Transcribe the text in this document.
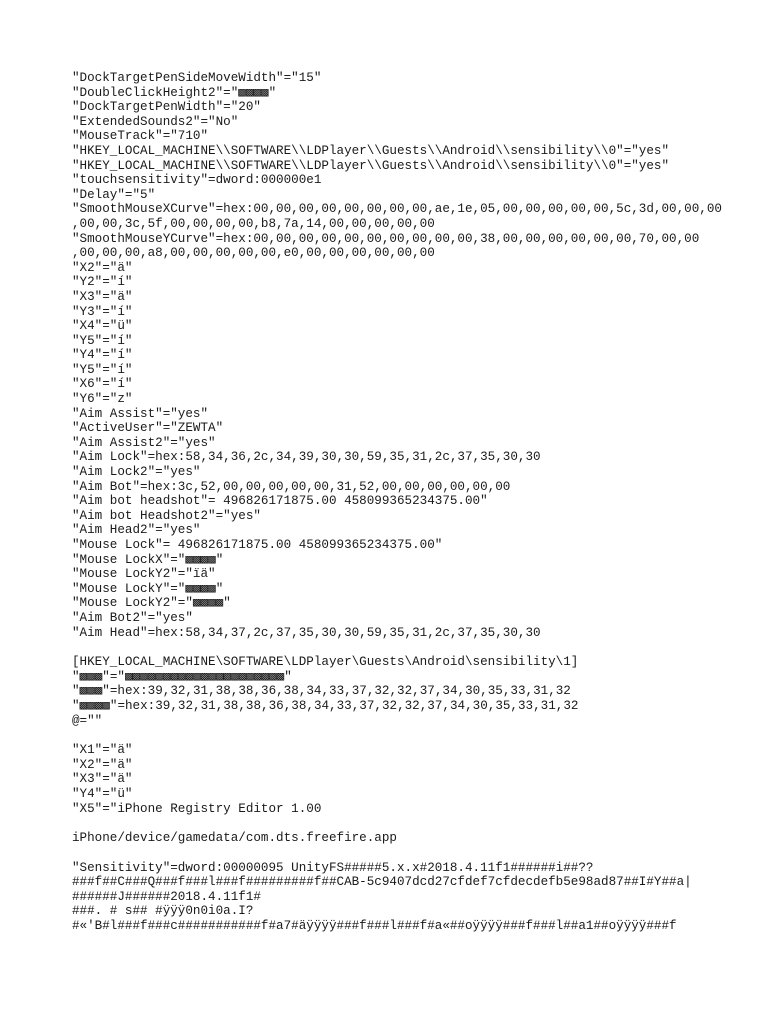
"DockTargetPenSideMoveWidth"="15"
"DoubleClickHeight2"="▩▩▩▩"
"DockTargetPenWidth"="20"
"ExtendedSounds2"="No"
"MouseTrack"="710"
"HKEY_LOCAL_MACHINE\\SOFTWARE\\LDPlayer\\Guests\\Android\\sensibility\\0"="yes"
"HKEY_LOCAL_MACHINE\\SOFTWARE\\LDPlayer\\Guests\\Android\\sensibility\\0"="yes"
"touchsensitivity"=dword:000000e1
"Delay"="5"
"SmoothMouseXCurve"=hex:00,00,00,00,00,00,00,00,ae,1e,05,00,00,00,00,00,5c,3d,00,00,00
,00,00,3c,5f,00,00,00,00,b8,7a,14,00,00,00,00,00
"SmoothMouseYCurve"=hex:00,00,00,00,00,00,00,00,00,00,38,00,00,00,00,00,00,70,00,00
,00,00,00,a8,00,00,00,00,00,e0,00,00,00,00,00,00
"X2"="ä"
"Y2"="í"
"X3"="ä"
"Y3"="í"
"X4"="ü"
"Y5"="í"
"Y4"="í"
"Y5"="í"
"X6"="í"
"Y6"="z"
"Aim Assist"="yes"
"ActiveUser"="ZEWTA"
"Aim Assist2"="yes"
"Aim Lock"=hex:58,34,36,2c,34,39,30,30,59,35,31,2c,37,35,30,30
"Aim Lock2"="yes"
"Aim Bot"=hex:3c,52,00,00,00,00,00,31,52,00,00,00,00,00,00
"Aim bot headshot"= 496826171875.00 458099365234375.00"
"Aim bot Headshot2"="yes"
"Aim Head2"="yes"
"Mouse Lock"= 496826171875.00 458099365234375.00"
"Mouse LockX"="▩▩▩▩"
"Mouse LockY2"="ïä"
"Mouse LockY"="▩▩▩▩"
"Mouse LockY2"="▩▩▩▩"
"Aim Bot2"="yes"
"Aim Head"=hex:58,34,37,2c,37,35,30,30,59,35,31,2c,37,35,30,30
[HKEY_LOCAL_MACHINE\SOFTWARE\LDPlayer\Guests\Android\sensibility\1]
"▩▩▩"="▩▩▩▩▩▩▩▩▩▩▩▩▩▩▩▩▩▩▩▩▩"
"▩▩▩"=hex:39,32,31,38,38,36,38,34,33,37,32,32,37,34,30,35,33,31,32
"▩▩▩▩"=hex:39,32,31,38,38,36,38,34,33,37,32,32,37,34,30,35,33,31,32
@=""
"X1"="ä"
"X2"="ä"
"X3"="ä"
"Y4"="ü"
"X5"="iPhone Registry Editor 1.00
iPhone/device/gamedata/com.dts.freefire.app
"Sensitivity"=dword:00000095 UnityFS#####5.x.x#2018.4.11f1######i##??
###f##C###Q###f###l###f#########f##CAB-5c9407dcd27cfdef7cfdecdefb5e98ad87##I#Y##a|
######J######2018.4.11f1#
###. # s## #ÿÿÿ0n0i0a.I?
#«'B#l###f###c###########f#a7#äÿÿÿÿ###f###l###f#a«##oÿÿÿÿ###f###l##a1##oÿÿÿÿ###f
